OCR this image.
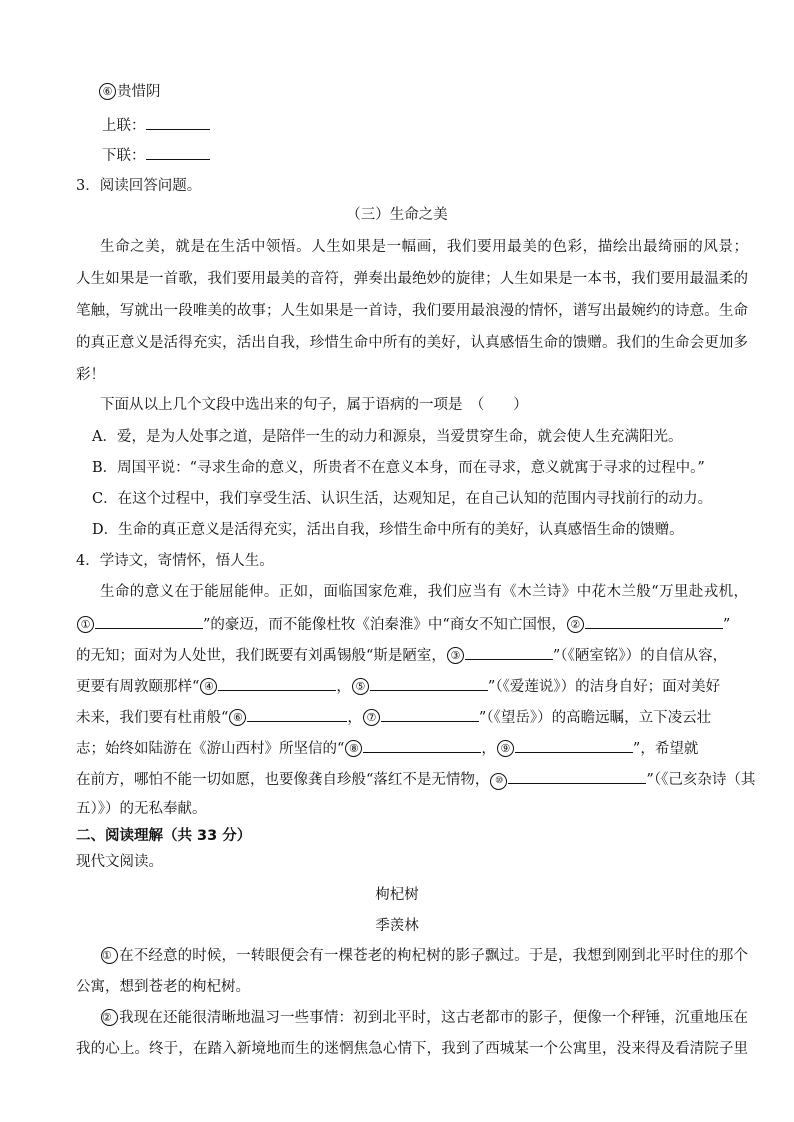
⑥ 贵惜阴
上联：
下联：
3．阅读回答问题。
（三）生命之美
生命之美，就是在生活中领悟。人生如果是一幅画，我们要用最美的色彩，描绘出最绮丽的风景；
人生如果是一首歌，我们要用最美的音符，弹奏出最绝妙的旋律；人生如果是一本书，我们要用最温柔的
笔触，写就出一段唯美的故事；人生如果是一首诗，我们要用最浪漫的情怀，谱写出最婉约的诗意。生命
的真正意义是活得充实，活出自我，珍惜生命中所有的美好，认真感悟生命的馈赠。我们的生命会更加多
彩！
下面从以上几个文段中选出来的句子，属于语病的一项是　（　　）
A．爱，是为人处事之道，是陪伴一生的动力和源泉，当爱贯穿生命，就会使人生充满阳光。
B．周国平说：“寻求生命的意义，所贵者不在意义本身，而在寻求，意义就寓于寻求的过程中。”
C．在这个过程中，我们享受生活、认识生活，达观知足，在自己认知的范围内寻找前行的动力。
D．生命的真正意义是活得充实，活出自我，珍惜生命中所有的美好，认真感悟生命的馈赠。
4．学诗文，寄情怀，悟人生。
生命的意义在于能屈能伸。正如，面临国家危难，我们应当有《木兰诗》中花木兰般“万里赴戎机，
①	”的豪迈，而不能像杜牧《泊秦淮》中“商女不知亡国恨， ②	”
的无知；面对为人处世，我们既要有刘禹锡般“斯是陋室， ③	”（《陋室铭》）的自信从容，
更要有周敦颐那样“ ④	， ⑤	”（《爱莲说》）的洁身自好；面对美好
未来，我们要有杜甫般“ ⑥	， ⑦	”（《望岳》）的高瞻远瞩，立下凌云壮
志；始终如陆游在《游山西村》所坚信的“ ⑧	， ⑨	”，希望就
在前方，哪怕不能一切如愿，也要像龚自珍般“落红不是无情物， ⑩	”（《己亥杂诗（其
五）》）的无私奉献。
二、阅读理解（共 33 分）
现代文阅读。
枸杞树
季羡林
① 在不经意的时候，一转眼便会有一棵苍老的枸杞树的影子飘过。于是，我想到刚到北平时住的那个
公寓，想到苍老的枸杞树。
② 我现在还能很清晰地温习一些事情：初到北平时，这古老都市的影子，便像一个秤锤，沉重地压在
我的心上。终于，在踏入新境地而生的迷惘焦急心情下，我到了西城某一个公寓里，没来得及看清院子里
